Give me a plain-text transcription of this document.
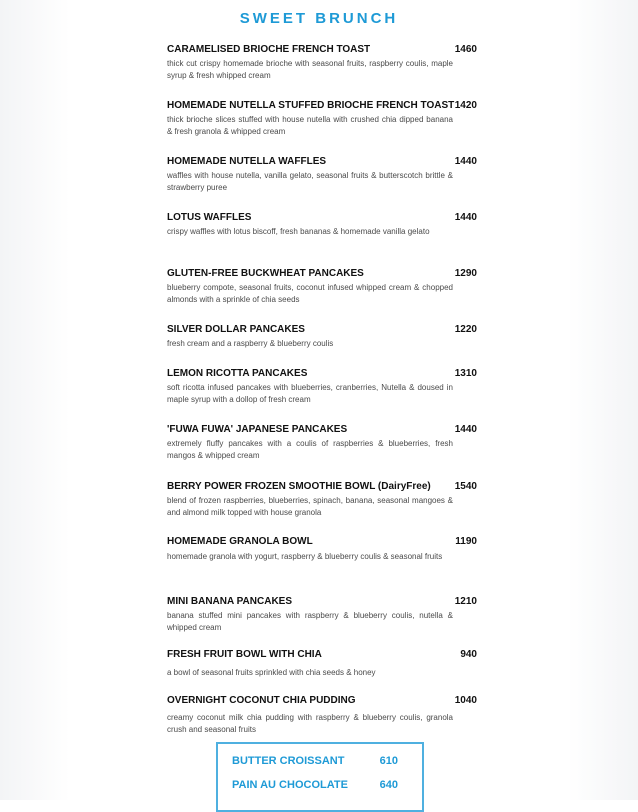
SWEET BRUNCH
CARAMELISED BRIOCHE FRENCH TOAST	1460
thick cut crispy homemade brioche with seasonal fruits, raspberry coulis, maple syrup & fresh whipped cream
HOMEMADE NUTELLA STUFFED BRIOCHE FRENCH TOAST 1420
thick brioche slices stuffed with house nutella with crushed chia dipped banana & fresh granola & whipped cream
HOMEMADE NUTELLA WAFFLES	1440
waffles with house nutella, vanilla gelato, seasonal fruits & butterscotch brittle & strawberry puree
LOTUS WAFFLES	1440
crispy waffles with lotus biscoff, fresh bananas & homemade vanilla gelato
GLUTEN-FREE BUCKWHEAT PANCAKES	1290
blueberry compote, seasonal fruits, coconut infused whipped cream & chopped almonds with a sprinkle of chia seeds
SILVER DOLLAR PANCAKES	1220
fresh cream and a raspberry & blueberry coulis
LEMON RICOTTA PANCAKES	1310
soft ricotta infused pancakes with blueberries, cranberries, Nutella & doused in maple syrup with a dollop of fresh cream
'FUWA FUWA' JAPANESE PANCAKES	1440
extremely fluffy pancakes with a coulis of raspberries & blueberries, fresh mangos & whipped cream
BERRY POWER FROZEN SMOOTHIE BOWL (DairyFree) 1540
blend of frozen raspberries, blueberries, spinach, banana, seasonal mangoes & and almond milk topped with house granola
HOMEMADE GRANOLA BOWL	1190
homemade granola with yogurt, raspberry & blueberry coulis & seasonal fruits
MINI BANANA PANCAKES	1210
banana stuffed mini pancakes with raspberry & blueberry coulis, nutella & whipped cream
FRESH FRUIT BOWL WITH CHIA	940
a bowl of seasonal fruits sprinkled with chia seeds & honey
OVERNIGHT COCONUT CHIA PUDDING	1040
creamy coconut milk chia pudding with raspberry & blueberry coulis, granola crush and seasonal fruits
BUTTER CROISSANT	610
PAIN AU CHOCOLATE	640
